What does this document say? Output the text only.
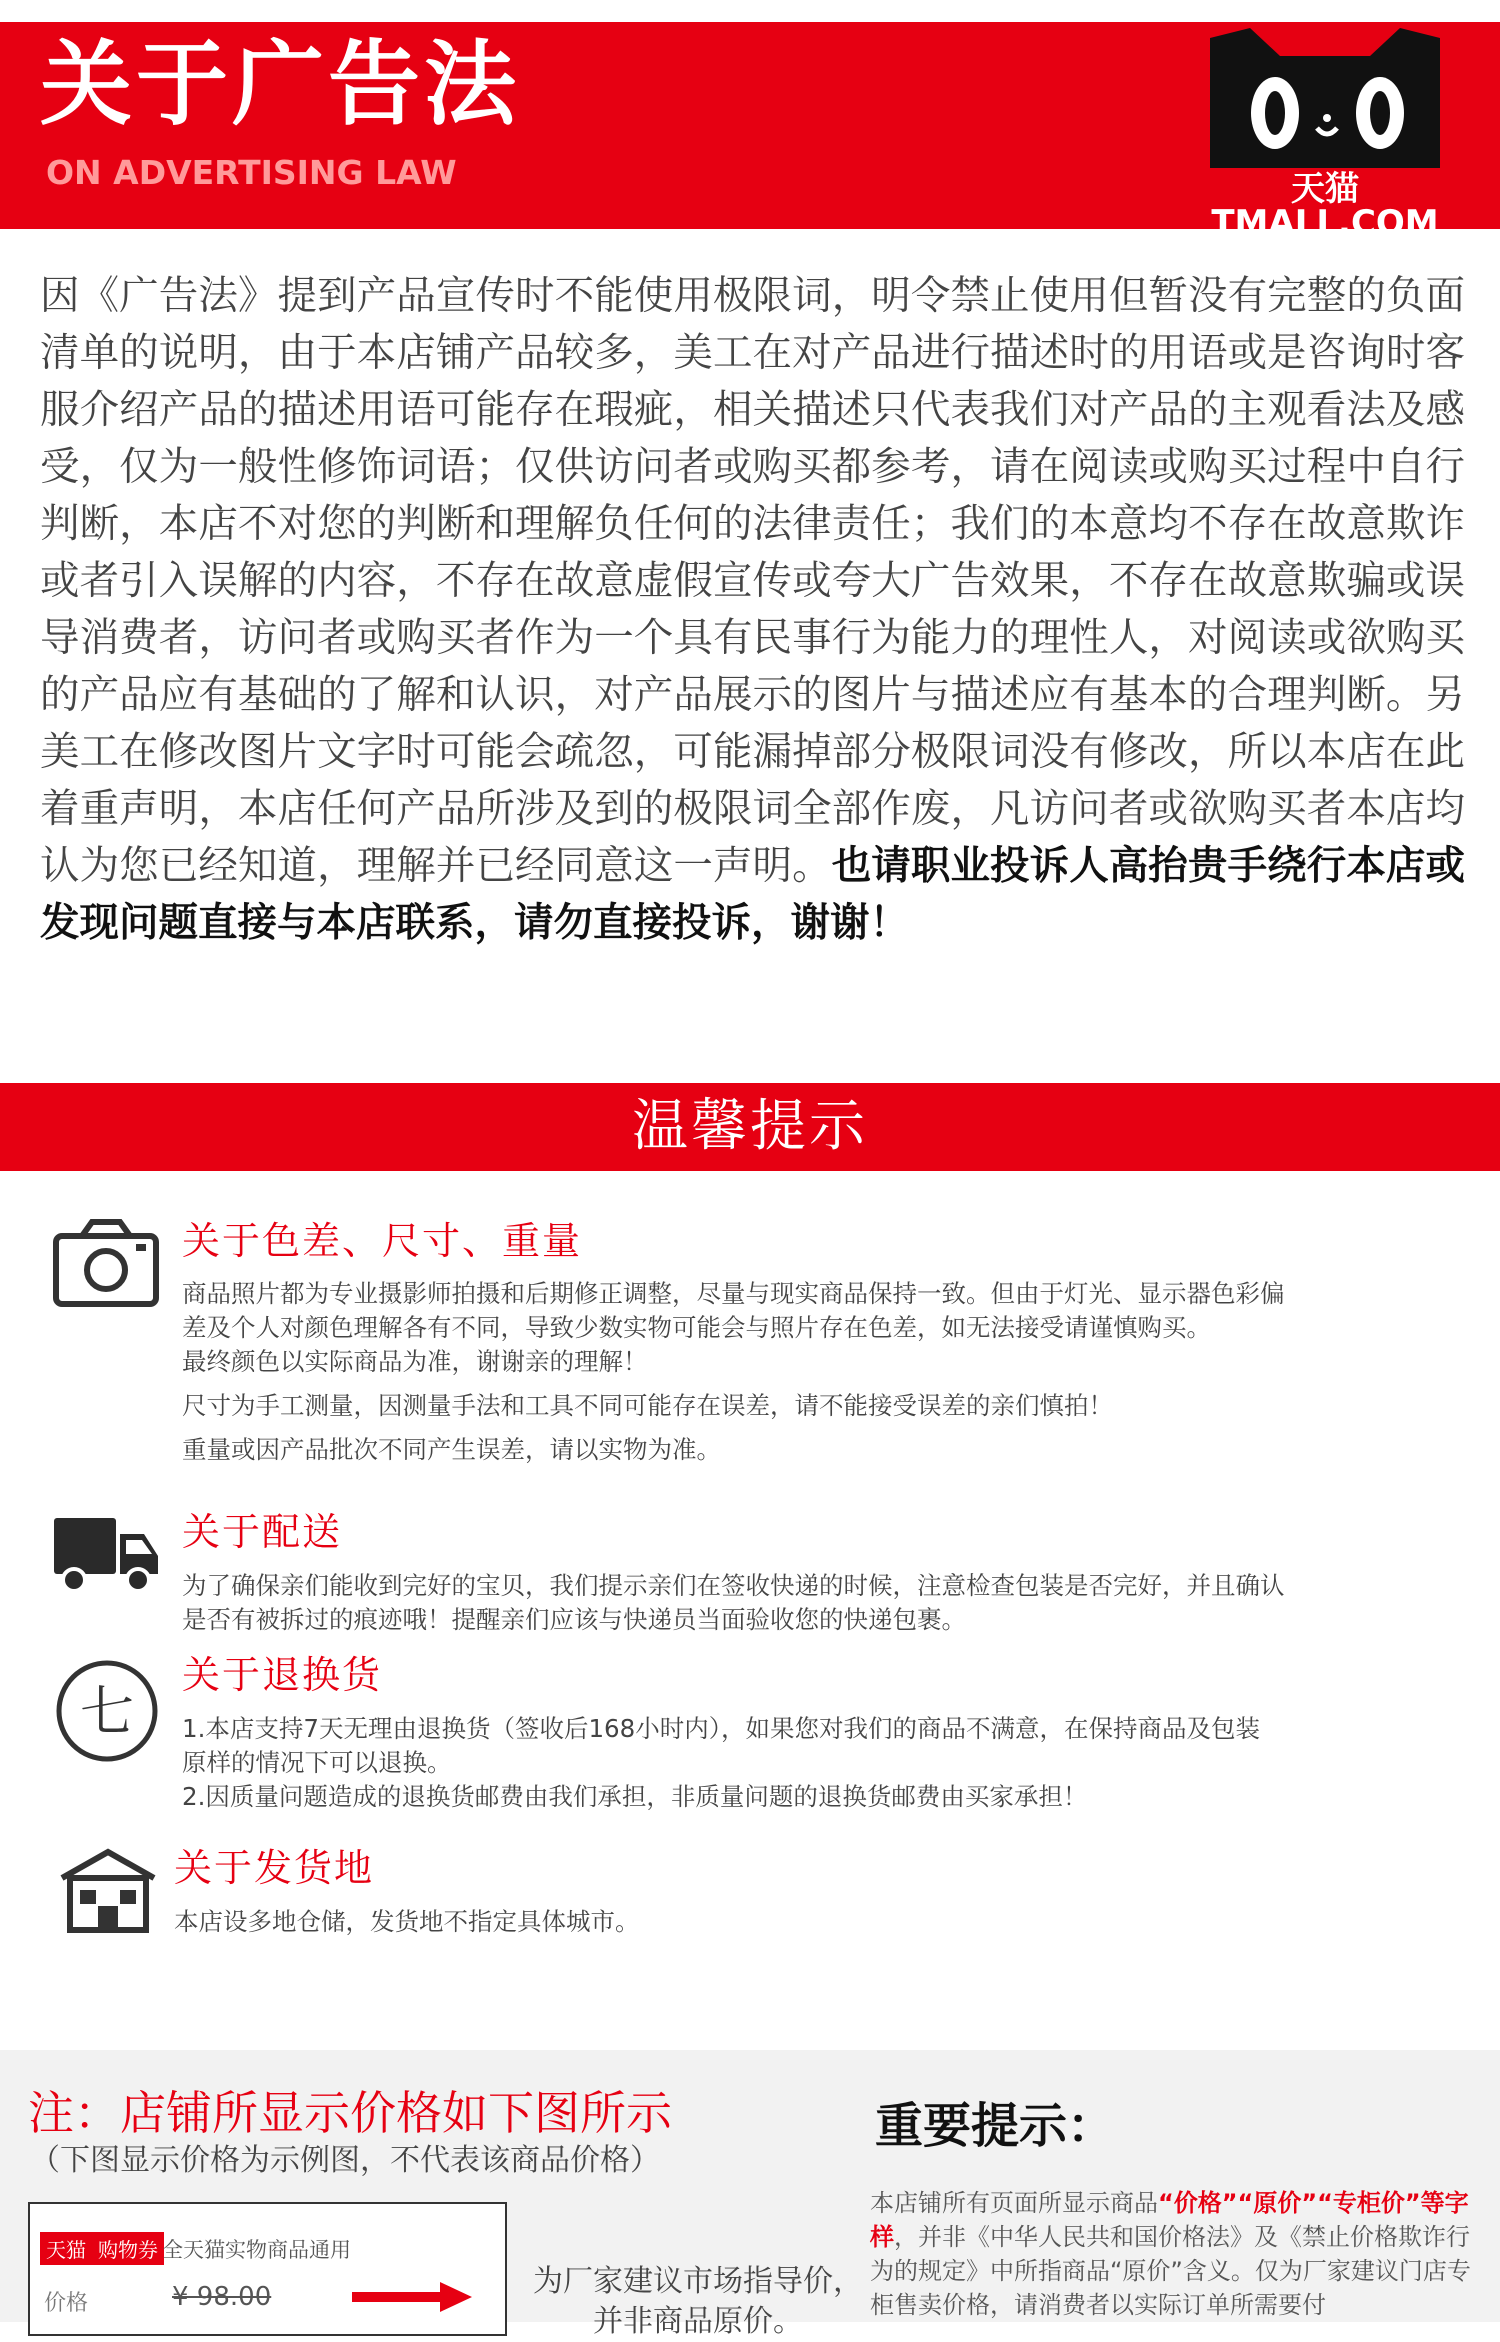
关于广告法
ON ADVERTISING LAW	天猫 TMALL.COM
因《广告法》提到产品宣传时不能使用极限词，明令禁止使用但暂没有完整的负面清单的说明，由于本店铺产品较多，美工在对产品进行描述时的用语或是咨询时客服介绍产品的描述用语可能存在瑕疵，相关描述只代表我们对产品的主观看法及感受，仅为一般性修饰词语；仅供访问者或购买都参考，请在阅读或购买过程中自行判断，本店不对您的判断和理解负任何的法律责任；我们的本意均不存在故意欺诈或者引入误解的内容，不存在故意虚假宣传或夸大广告效果，不存在故意欺骗或误导消费者，访问者或购买者作为一个具有民事行为能力的理性人，对阅读或欲购买的产品应有基础的了解和认识，对产品展示的图片与描述应有基本的合理判断。另美工在修改图片文字时可能会疏忽，可能漏掉部分极限词没有修改，所以本店在此着重声明，本店任何产品所涉及到的极限词全部作废，凡访问者或欲购买者本店均认为您已经知道，理解并已经同意这一声明。也请职业投诉人高抬贵手绕行本店或发现问题直接与本店联系，请勿直接投诉，谢谢！
温馨提示
关于色差、尺寸、重量
商品照片都为专业摄影师拍摄和后期修正调整，尽量与现实商品保持一致。但由于灯光、显示器色彩偏
差及个人对颜色理解各有不同，导致少数实物可能会与照片存在色差，如无法接受请谨慎购买。
最终颜色以实际商品为准，谢谢亲的理解！
尺寸为手工测量，因测量手法和工具不同可能存在误差，请不能接受误差的亲们慎拍！
重量或因产品批次不同产生误差，请以实物为准。
关于配送
为了确保亲们能收到完好的宝贝，我们提示亲们在签收快递的时候，注意检查包装是否完好，并且确认
是否有被拆过的痕迹哦！提醒亲们应该与快递员当面验收您的快递包裹。
七
关于退换货
1.本店支持7天无理由退换货（签收后168小时内），如果您对我们的商品不满意，在保持商品及包装
原样的情况下可以退换。
2.因质量问题造成的退换货邮费由我们承担，非质量问题的退换货邮费由买家承担！
关于发货地
本店设多地仓储，发货地不指定具体城市。
注：店铺所显示价格如下图所示
（下图显示价格为示例图，不代表该商品价格）
天猫 购物券 全天猫实物商品通用
价格	¥ 98.00	为厂家建议市场指导价，并非商品原价。
重要提示：
本店铺所有页面所显示商品“价格”“原价”“专柜价”等字样，并非《中华人民共和国价格法》及《禁止价格欺诈行为的规定》中所指商品“原价”含义。仅为厂家建议门店专柜售卖价格，请消费者以实际订单所需要付
